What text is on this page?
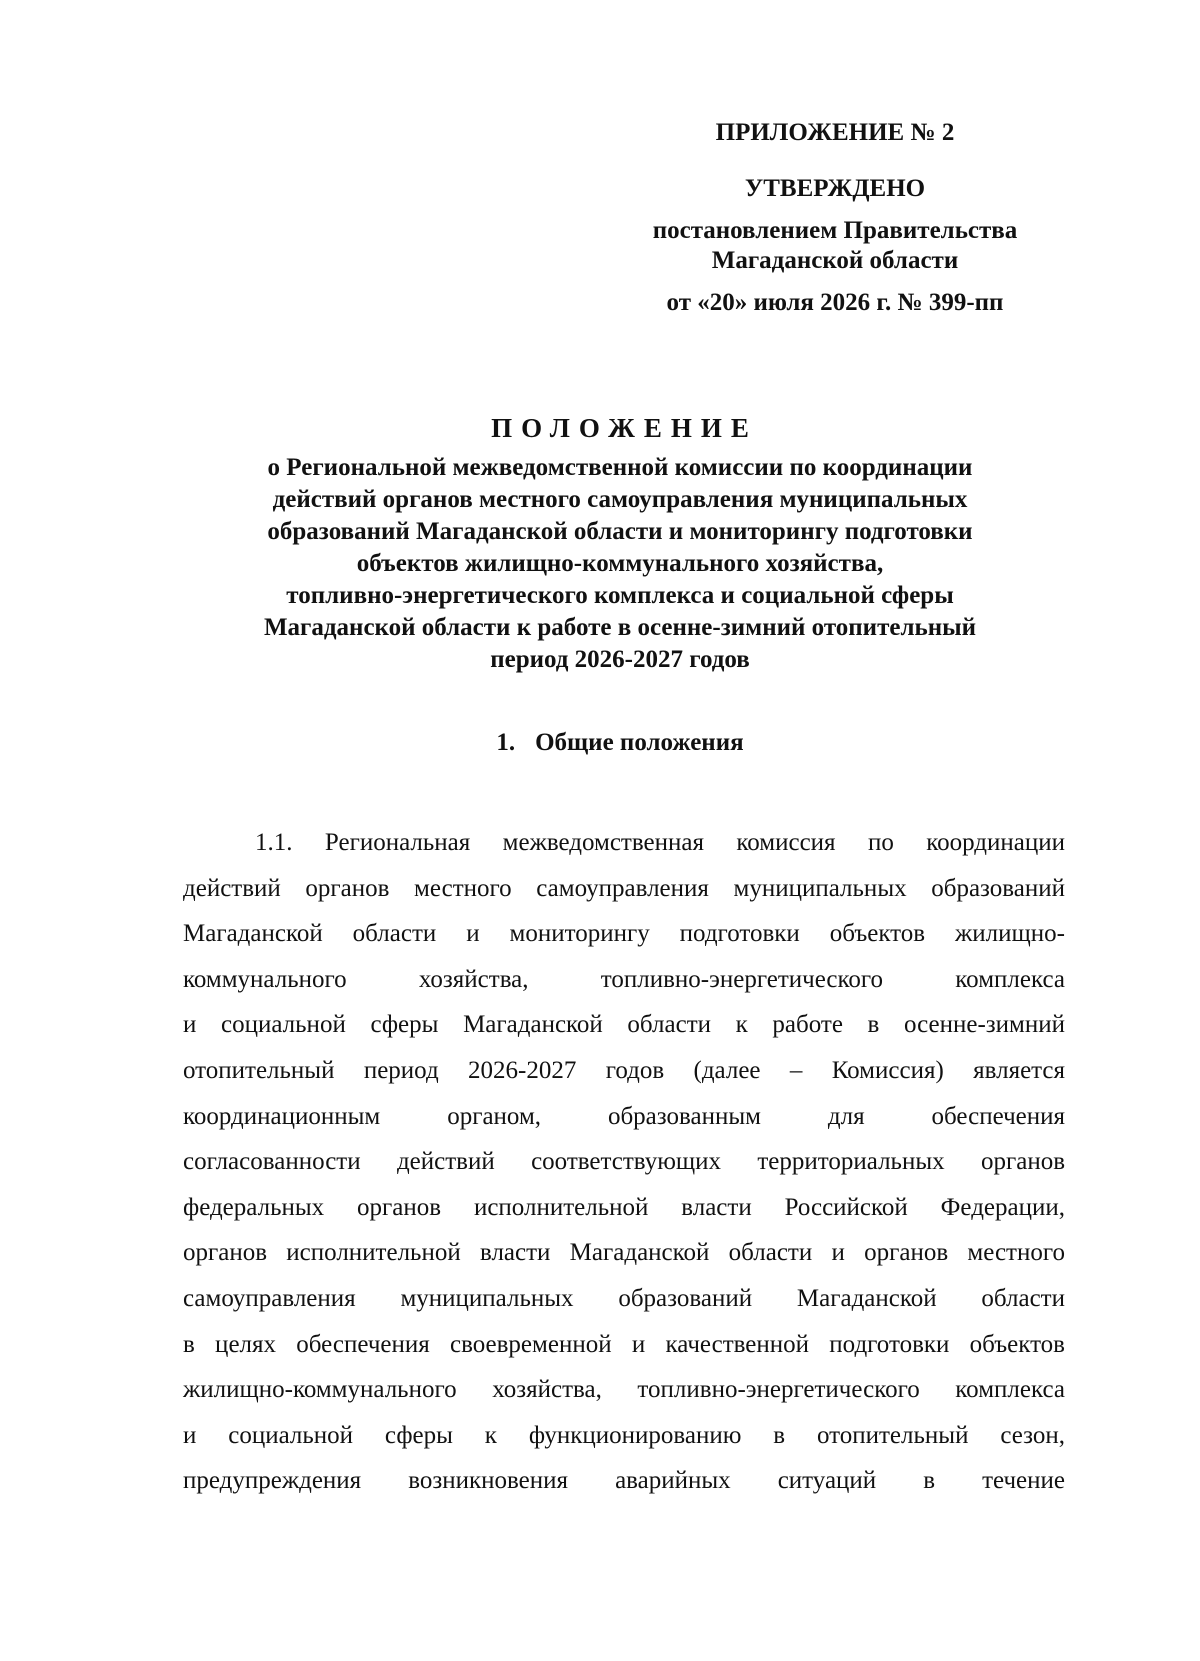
ПРИЛОЖЕНИЕ № 2
УТВЕРЖДЕНО
постановлением Правительства
Магаданской области
от «20» июля 2026 г. № 399-пп
ПОЛОЖЕНИЕ
о Региональной межведомственной комиссии по координации
действий органов местного самоуправления муниципальных
образований Магаданской области и мониторингу подготовки
объектов жилищно-коммунального хозяйства,
топливно-энергетического комплекса и социальной сферы
Магаданской области к работе в осенне-зимний отопительный
период 2026-2027 годов
1. Общие положения
1.1. Региональная межведомственная комиссия по координации
действий органов местного самоуправления муниципальных образований
Магаданской области и мониторингу подготовки объектов жилищно-
коммунального хозяйства, топливно-энергетического комплекса
и социальной сферы Магаданской области к работе в осенне-зимний
отопительный период 2026-2027 годов (далее – Комиссия) является
координационным органом, образованным для обеспечения
согласованности действий соответствующих территориальных органов
федеральных органов исполнительной власти Российской Федерации,
органов исполнительной власти Магаданской области и органов местного
самоуправления муниципальных образований Магаданской области
в целях обеспечения своевременной и качественной подготовки объектов
жилищно-коммунального хозяйства, топливно-энергетического комплекса
и социальной сферы к функционированию в отопительный сезон,
предупреждения возникновения аварийных ситуаций в течение
